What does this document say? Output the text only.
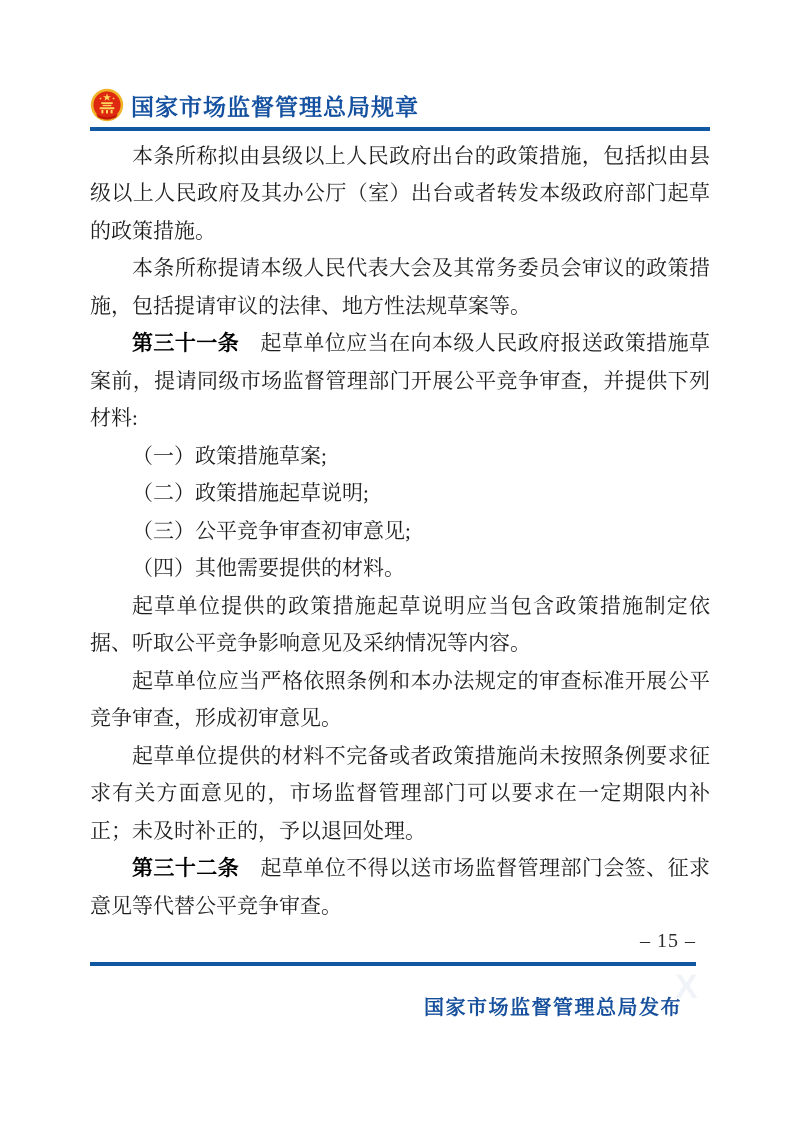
国家市场监督管理总局规章

本条所称拟由县级以上人民政府出台的政策措施，包括拟由县级以上人民政府及其办公厅（室）出台或者转发本级政府部门起草的政策措施。

本条所称提请本级人民代表大会及其常务委员会审议的政策措施，包括提请审议的法律、地方性法规草案等。

第三十一条　起草单位应当在向本级人民政府报送政策措施草案前，提请同级市场监督管理部门开展公平竞争审查，并提供下列材料:

（一）政策措施草案;

（二）政策措施起草说明;

（三）公平竞争审查初审意见;

（四）其他需要提供的材料。

起草单位提供的政策措施起草说明应当包含政策措施制定依据、听取公平竞争影响意见及采纳情况等内容。

起草单位应当严格依照条例和本办法规定的审查标准开展公平竞争审查，形成初审意见。

起草单位提供的材料不完备或者政策措施尚未按照条例要求征求有关方面意见的，市场监督管理部门可以要求在一定期限内补正；未及时补正的，予以退回处理。

第三十二条　起草单位不得以送市场监督管理部门会签、征求意见等代替公平竞争审查。

– 15 –
国家市场监督管理总局发布
X
